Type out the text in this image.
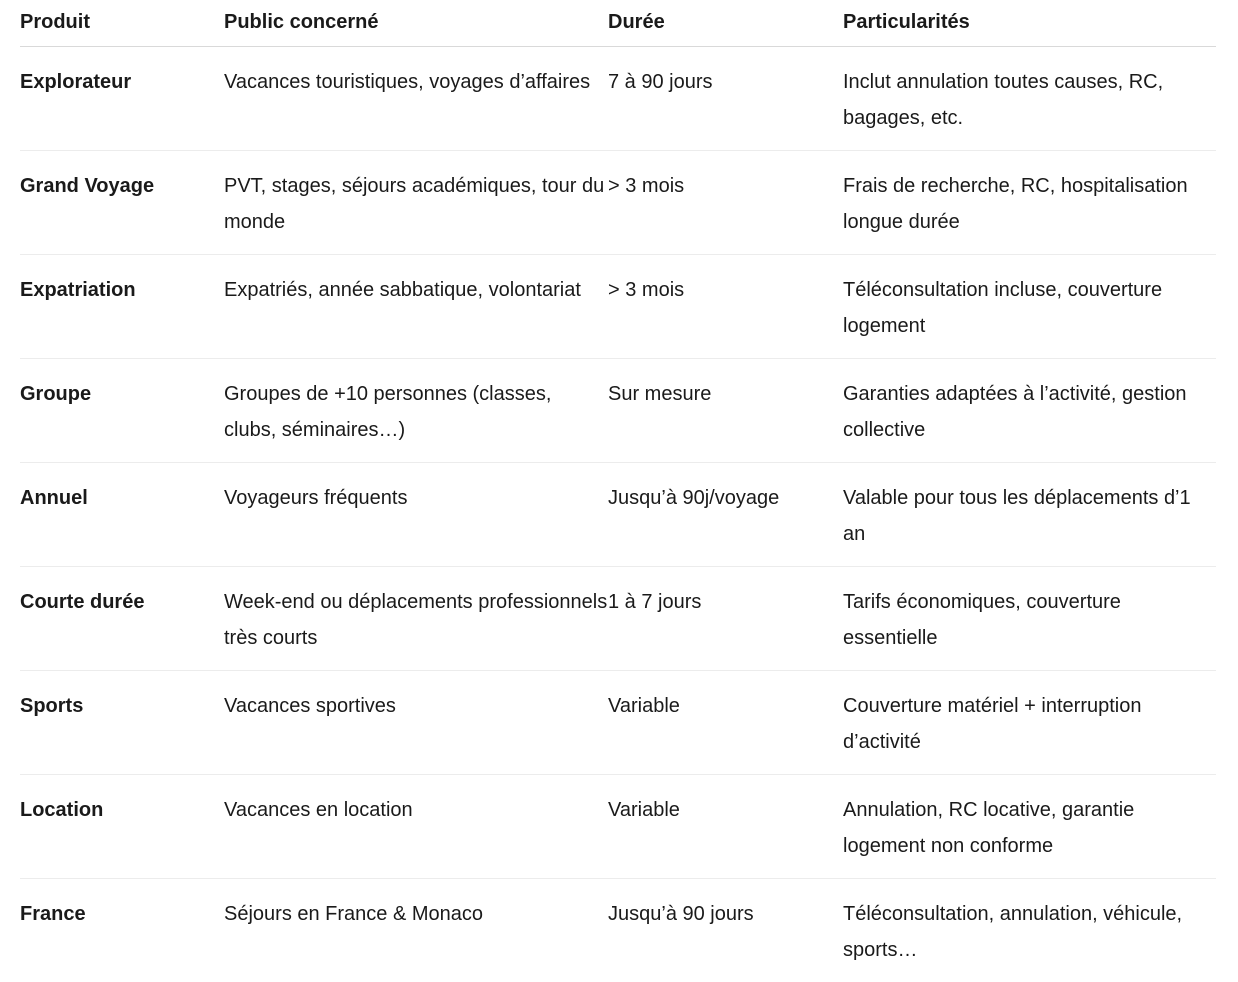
Produit	Public concerné	Durée	Particularités
Explorateur	Vacances touristiques, voyages d’affaires	7 à 90 jours	Inclut annulation toutes causes, RC, bagages, etc.
Grand Voyage	PVT, stages, séjours académiques, tour du monde	> 3 mois	Frais de recherche, RC, hospitalisation longue durée
Expatriation	Expatriés, année sabbatique, volontariat	> 3 mois	Téléconsultation incluse, couverture logement
Groupe	Groupes de +10 personnes (classes, clubs, séminaires…)	Sur mesure	Garanties adaptées à l’activité, gestion collective
Annuel	Voyageurs fréquents	Jusqu’à 90j/voyage	Valable pour tous les déplacements d’1 an
Courte durée	Week-end ou déplacements professionnels très courts	1 à 7 jours	Tarifs économiques, couverture essentielle
Sports	Vacances sportives	Variable	Couverture matériel + interruption d’activité
Location	Vacances en location	Variable	Annulation, RC locative, garantie logement non conforme
France	Séjours en France & Monaco	Jusqu’à 90 jours	Téléconsultation, annulation, véhicule, sports…
